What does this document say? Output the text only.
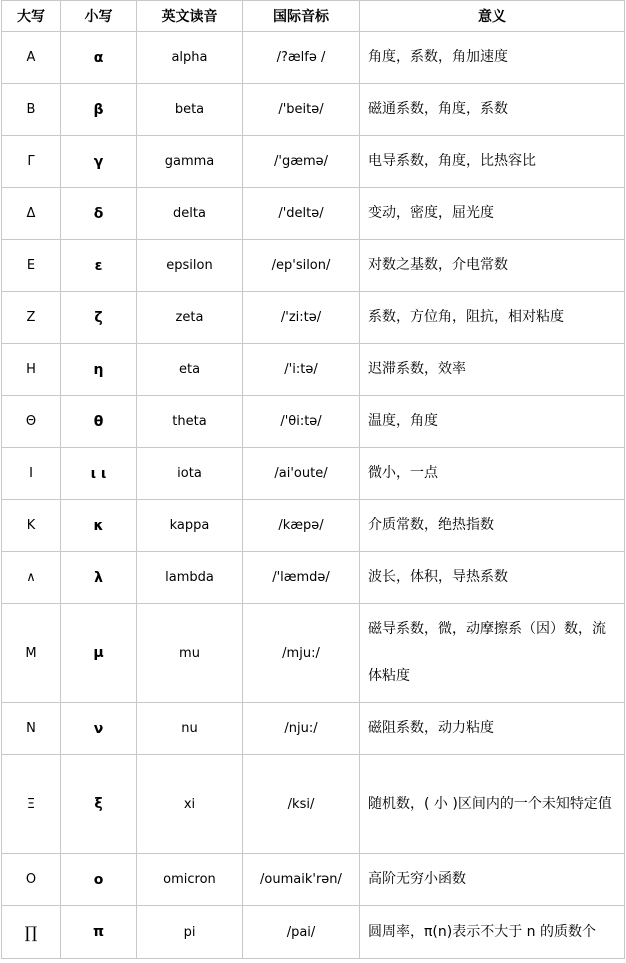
大写	小写	英文读音	国际音标	意义
A	α	alpha	/?ælfə /	角度，系数，角加速度
B	β	beta	/'beitə/	磁通系数，角度，系数
Γ	γ	gamma	/'gæmə/	电导系数，角度，比热容比
Δ	δ	delta	/'deltə/	变动，密度，屈光度
E	ε	epsilon	/ep'silon/	对数之基数，介电常数
Z	ζ	zeta	/'zi:tə/	系数，方位角，阻抗，相对粘度
H	η	eta	/'i:tə/	迟滞系数，效率
Θ	θ	theta	/'θi:tə/	温度，角度
I	ι ι	iota	/ai'oute/	微小，一点
K	κ	kappa	/kæpə/	介质常数，绝热指数
∧	λ	lambda	/'læmdə/	波长，体积，导热系数
M	μ	mu	/mju:/	磁导系数，微，动摩擦系（因）数，流体粘度
N	ν	nu	/nju:/	磁阻系数，动力粘度
Ξ	ξ	xi	/ksi/	随机数，( 小 )区间内的一个未知特定值
O	ο	omicron	/oumaik'rən/	高阶无穷小函数
∏	π	pi	/pai/	圆周率，π(n)表示不大于 n 的质数个
